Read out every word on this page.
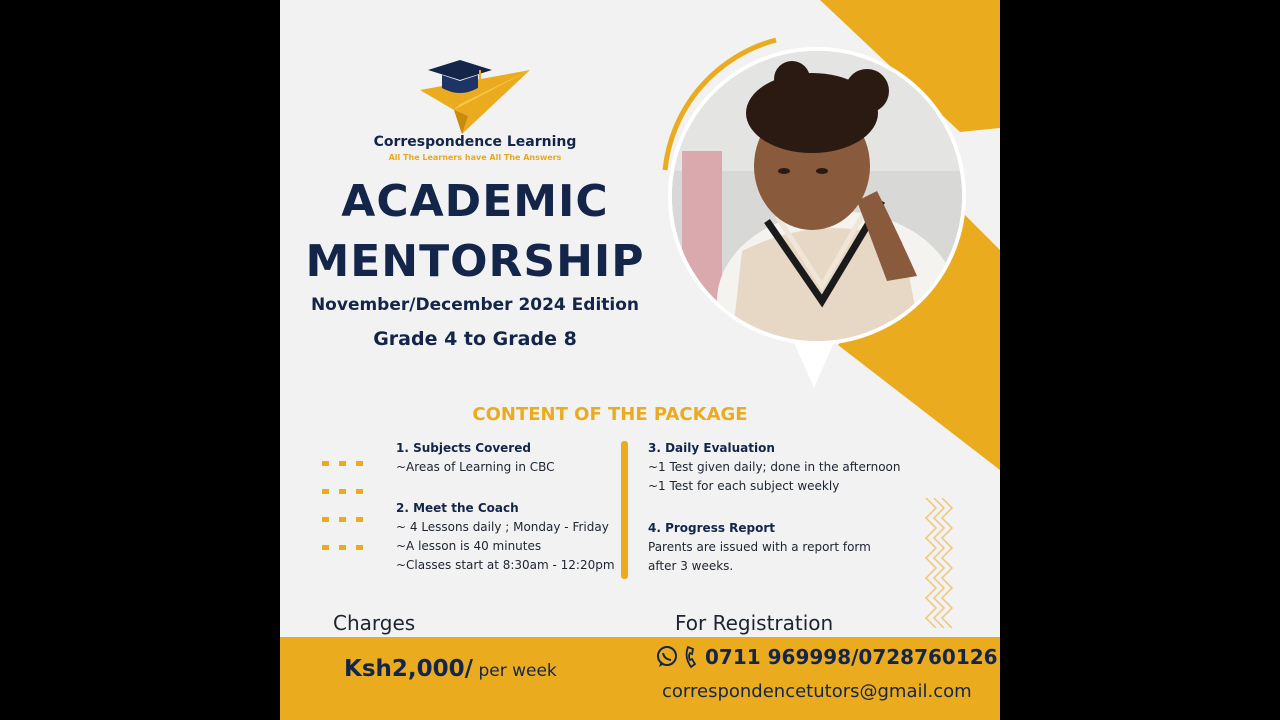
Correspondence Learning
All The Learners have All The Answers
ACADEMIC
MENTORSHIP
November/December 2024 Edition
Grade 4 to Grade 8
CONTENT OF THE PACKAGE
1. Subjects Covered
~Areas of Learning in CBC
2. Meet the Coach
~ 4 Lessons daily ; Monday - Friday
~A lesson is 40 minutes
~Classes start at 8:30am - 12:20pm
3. Daily Evaluation
~1 Test given daily; done in the afternoon
~1 Test for each subject weekly
4. Progress Report
Parents are issued with a report form
after 3 weeks.
Charges	For Registration
Ksh2,000/ per week
0711 969998/0728760126
correspondencetutors@gmail.com
